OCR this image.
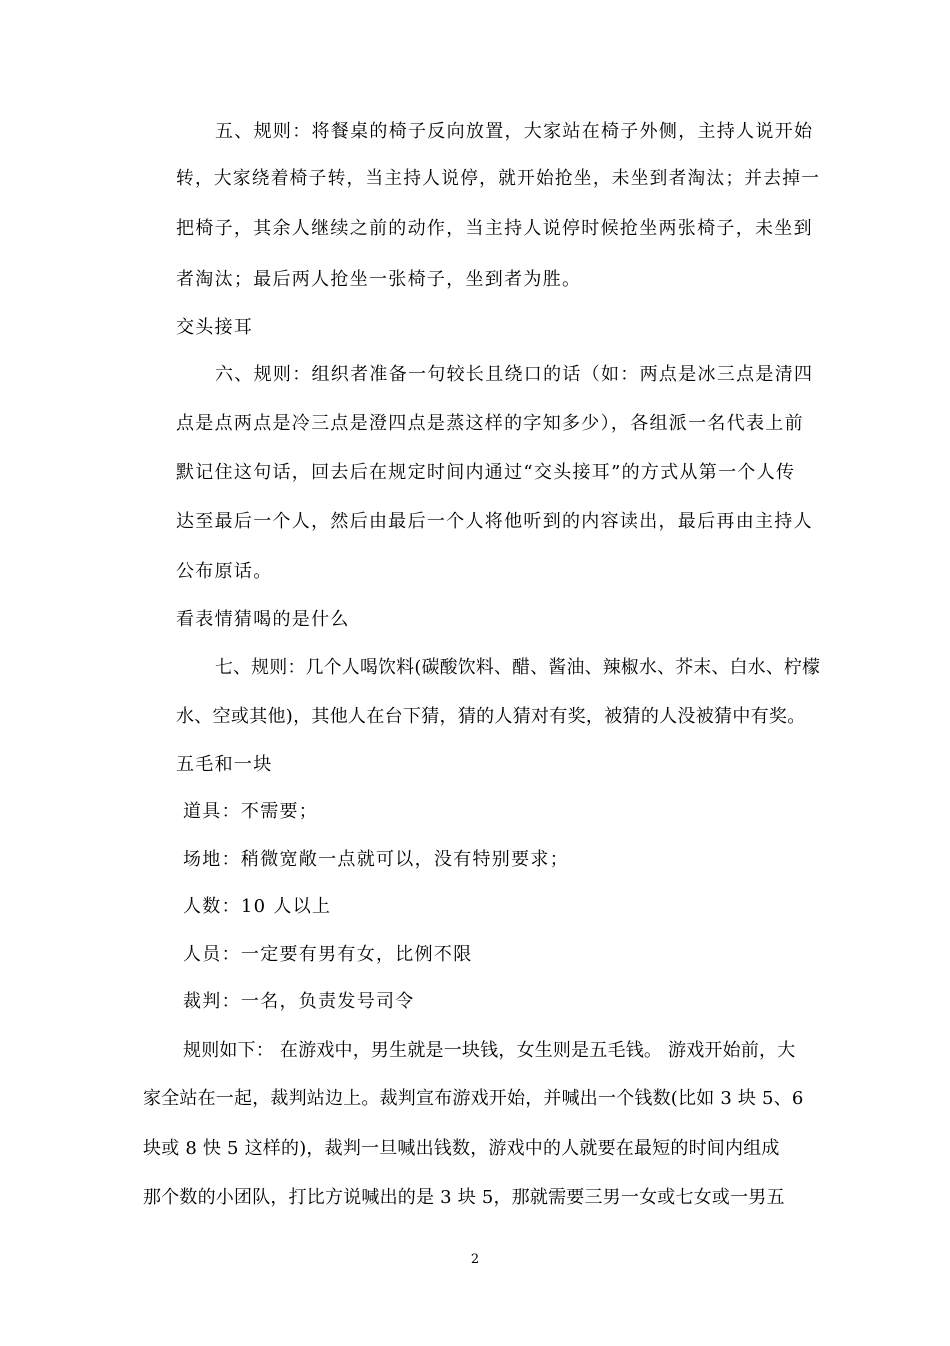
五、规则：将餐桌的椅子反向放置，大家站在椅子外侧，主持人说开始
转，大家绕着椅子转，当主持人说停，就开始抢坐，未坐到者淘汰；并去掉一
把椅子，其余人继续之前的动作，当主持人说停时候抢坐两张椅子，未坐到
者淘汰；最后两人抢坐一张椅子，坐到者为胜。
交头接耳
六、规则：组织者准备一句较长且绕口的话（如：两点是冰三点是清四
点是点两点是冷三点是澄四点是蒸这样的字知多少），各组派一名代表上前
默记住这句话，回去后在规定时间内通过“交头接耳”的方式从第一个人传
达至最后一个人，然后由最后一个人将他听到的内容读出，最后再由主持人
公布原话。
看表情猜喝的是什么
七、规则：几个人喝饮料(碳酸饮料、醋、酱油、辣椒水、芥末、白水、柠檬
水、空或其他)，其他人在台下猜，猜的人猜对有奖，被猜的人没被猜中有奖。
五毛和一块
道具：不需要；
场地：稍微宽敞一点就可以，没有特别要求；
人数：10 人以上
人员：一定要有男有女，比例不限
裁判：一名，负责发号司令
规则如下： 在游戏中，男生就是一块钱，女生则是五毛钱。 游戏开始前，大
家全站在一起，裁判站边上。裁判宣布游戏开始，并喊出一个钱数(比如 3 块 5、6
块或 8 快 5 这样的)，裁判一旦喊出钱数，游戏中的人就要在最短的时间内组成
那个数的小团队，打比方说喊出的是 3 块 5，那就需要三男一女或七女或一男五
2
